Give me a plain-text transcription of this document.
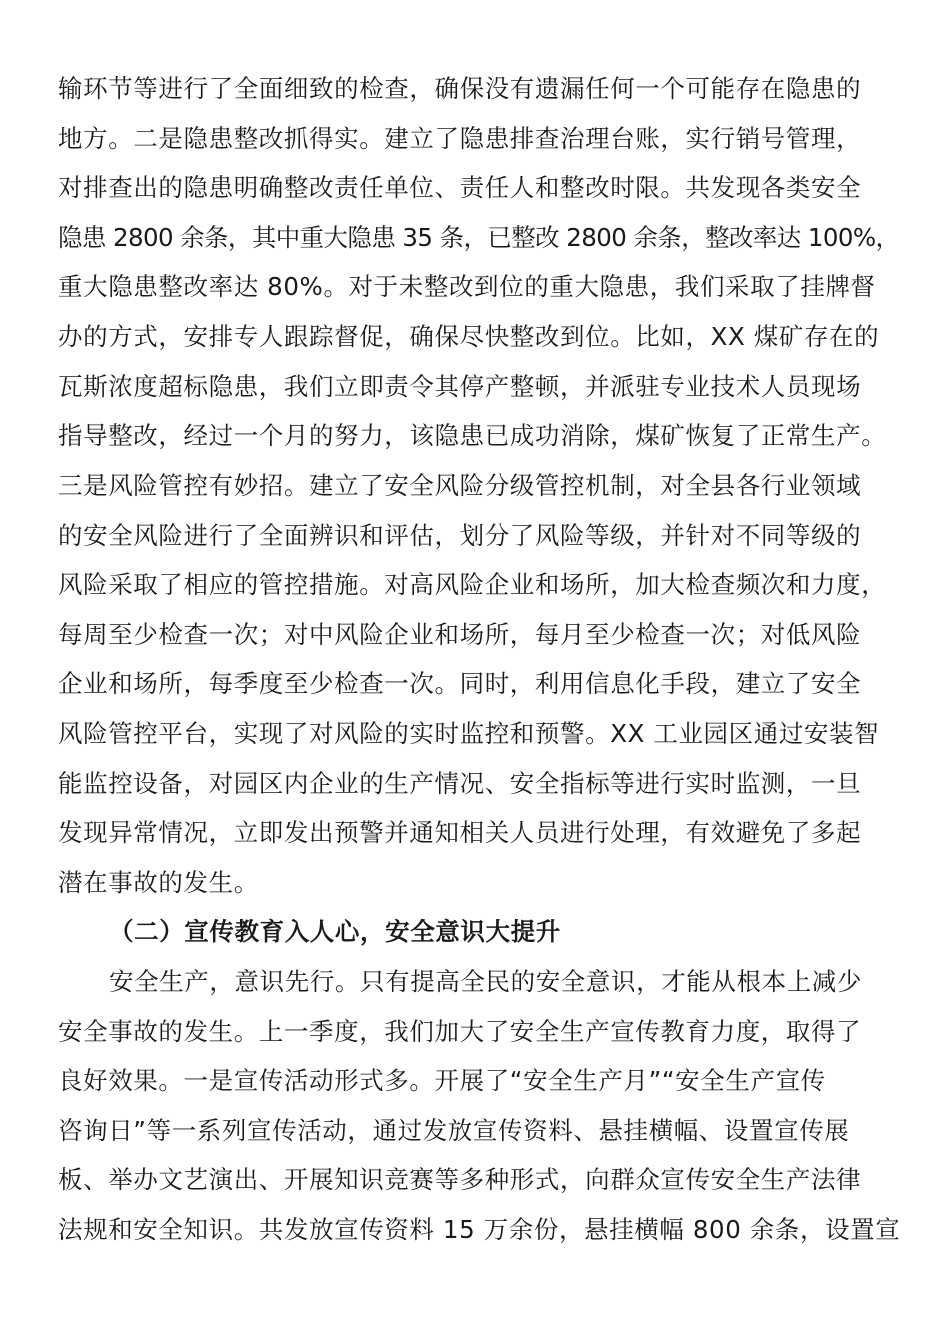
输环节等进行了全面细致的检查，确保没有遗漏任何一个可能存在隐患的
地方。二是隐患整改抓得实。建立了隐患排查治理台账，实行销号管理，
对排查出的隐患明确整改责任单位、责任人和整改时限。共发现各类安全
隐患 2800 余条，其中重大隐患 35 条，已整改 2800 余条，整改率达 100%，
重大隐患整改率达 80%。对于未整改到位的重大隐患，我们采取了挂牌督
办的方式，安排专人跟踪督促，确保尽快整改到位。比如，XX 煤矿存在的
瓦斯浓度超标隐患，我们立即责令其停产整顿，并派驻专业技术人员现场
指导整改，经过一个月的努力，该隐患已成功消除，煤矿恢复了正常生产。
三是风险管控有妙招。建立了安全风险分级管控机制，对全县各行业领域
的安全风险进行了全面辨识和评估，划分了风险等级，并针对不同等级的
风险采取了相应的管控措施。对高风险企业和场所，加大检查频次和力度，
每周至少检查一次；对中风险企业和场所，每月至少检查一次；对低风险
企业和场所，每季度至少检查一次。同时，利用信息化手段，建立了安全
风险管控平台，实现了对风险的实时监控和预警。XX 工业园区通过安装智
能监控设备，对园区内企业的生产情况、安全指标等进行实时监测，一旦
发现异常情况，立即发出预警并通知相关人员进行处理，有效避免了多起
潜在事故的发生。
（二）宣传教育入人心，安全意识大提升
安全生产，意识先行。只有提高全民的安全意识，才能从根本上减少
安全事故的发生。上一季度，我们加大了安全生产宣传教育力度，取得了
良好效果。一是宣传活动形式多。开展了“安全生产月”“安全生产宣传
咨询日”等一系列宣传活动，通过发放宣传资料、悬挂横幅、设置宣传展
板、举办文艺演出、开展知识竞赛等多种形式，向群众宣传安全生产法律
法规和安全知识。共发放宣传资料 15 万余份，悬挂横幅 800 余条，设置宣
